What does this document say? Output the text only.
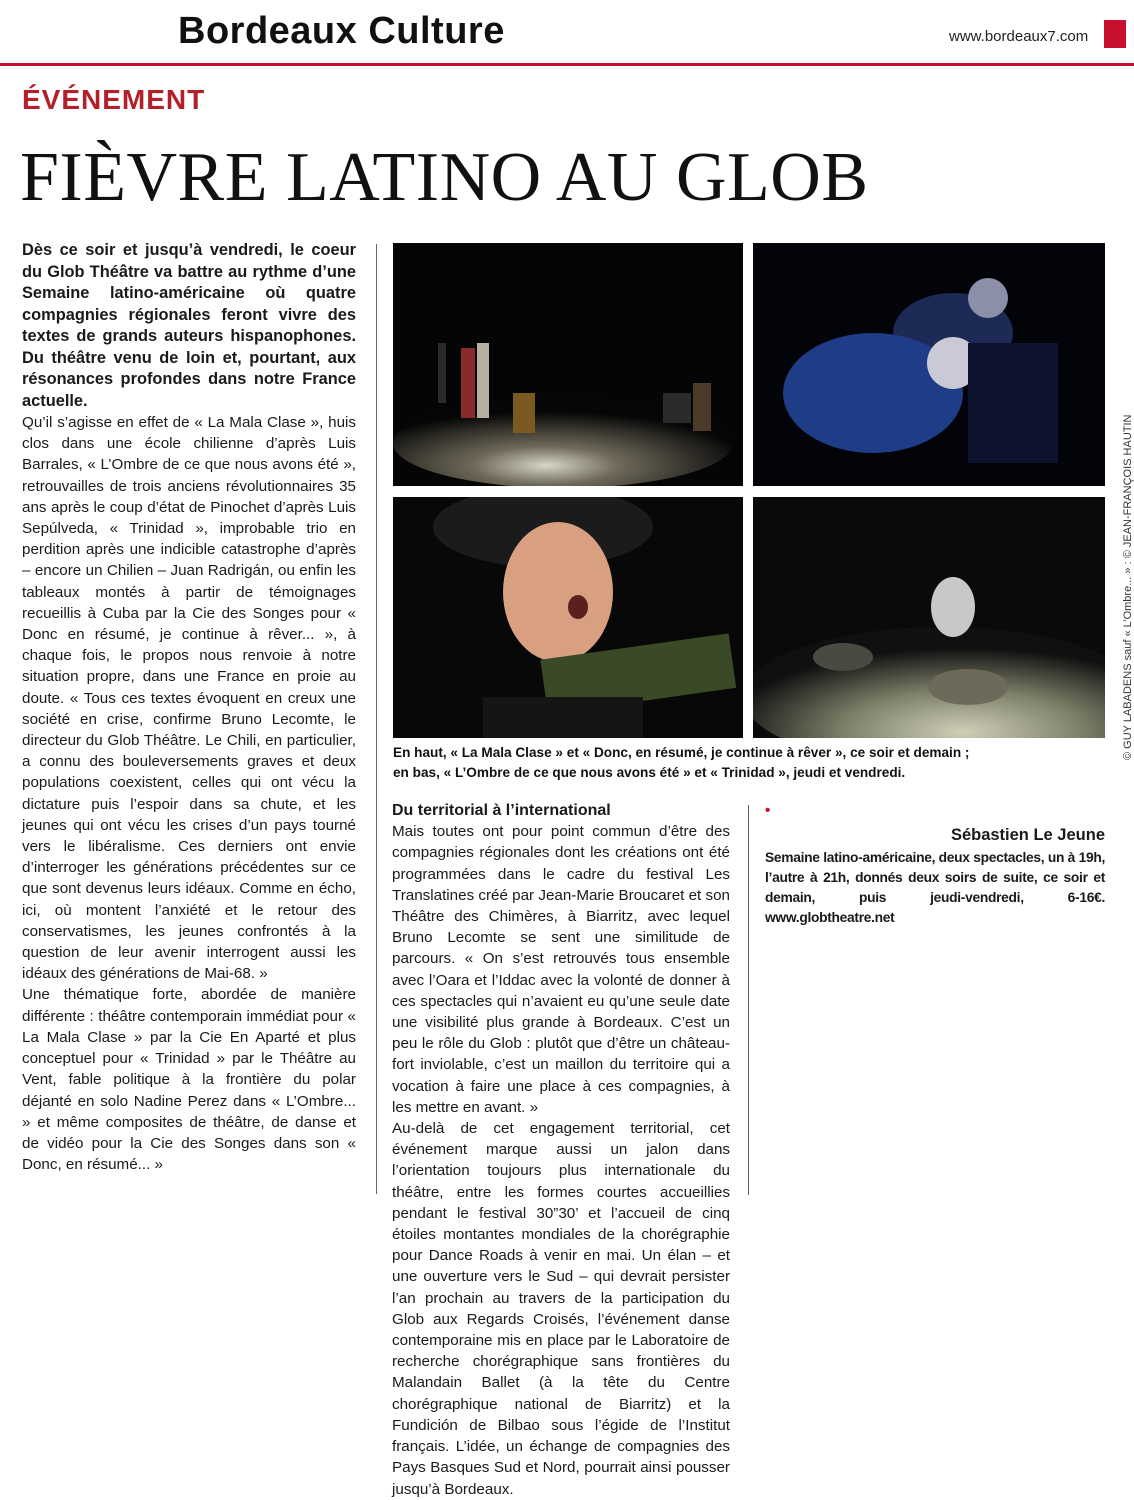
Bordeaux Culture	www.bordeaux7.com
ÉVÉNEMENT
FIÈVRE LATINO AU GLOB

Dès ce soir et jusqu’à vendredi, le coeur du Glob Théâtre va battre au rythme d’une Semaine latino-américaine où quatre compagnies régionales feront vivre des textes de grands auteurs hispanophones. Du théâtre venu de loin et, pourtant, aux résonances profondes dans notre France actuelle.

Qu’il s’agisse en effet de « La Mala Clase », huis clos dans une école chilienne d’après Luis Barrales, « L’Ombre de ce que nous avons été », retrouvailles de trois anciens révolutionnaires 35 ans après le coup d’état de Pinochet d’après Luis Sepúlveda, « Trinidad », improbable trio en perdition après une indicible catastrophe d’après – encore un Chilien – Juan Radrigán, ou enfin les tableaux montés à partir de témoignages recueillis à Cuba par la Cie des Songes pour « Donc en résumé, je continue à rêver... », à chaque fois, le propos nous renvoie à notre situation propre, dans une France en proie au doute. « Tous ces textes évoquent en creux une société en crise, confirme Bruno Lecomte, le directeur du Glob Théâtre. Le Chili, en particulier, a connu des bouleversements graves et deux populations coexistent, celles qui ont vécu la dictature puis l’espoir dans sa chute, et les jeunes qui ont vécu les crises d’un pays tourné vers le libéralisme. Ces derniers ont envie d’interroger les générations précédentes sur ce que sont devenus leurs idéaux. Comme en écho, ici, où montent l’anxiété et le retour des conservatismes, les jeunes confrontés à la question de leur avenir interrogent aussi les idéaux des générations de Mai-68. »

Une thématique forte, abordée de manière différente : théâtre contemporain immédiat pour « La Mala Clase » par la Cie En Aparté et plus conceptuel pour « Trinidad » par le Théâtre au Vent, fable politique à la frontière du polar déjanté en solo Nadine Perez dans « L’Ombre... » et même composites de théâtre, de danse et de vidéo pour la Cie des Songes dans son « Donc, en résumé... »

© GUY LABADENS sauf « L’Ombre... » : © JEAN-FRANÇOIS HAUTIN
En haut, « La Mala Clase » et « Donc, en résumé, je continue à rêver », ce soir et demain ;
en bas, « L’Ombre de ce que nous avons été » et « Trinidad », jeudi et vendredi.

Du territorial à l’international

Mais toutes ont pour point commun d’être des compagnies régionales dont les créations ont été programmées dans le cadre du festival Les Translatines créé par Jean-Marie Broucaret et son Théâtre des Chimères, à Biarritz, avec lequel Bruno Lecomte se sent une similitude de parcours. « On s’est retrouvés tous ensemble avec l’Oara et l’Iddac avec la volonté de donner à ces spectacles qui n’avaient eu qu’une seule date une visibilité plus grande à Bordeaux. C’est un peu le rôle du Glob : plutôt que d’être un château-fort inviolable, c’est un maillon du territoire qui a vocation à faire une place à ces compagnies, à les mettre en avant. »

Au-delà de cet engagement territorial, cet événement marque aussi un jalon dans l’orientation toujours plus internationale du théâtre, entre les formes courtes accueillies pendant le festival 30”30’ et l’accueil de cinq étoiles montantes mondiales de la chorégraphie pour Dance Roads à venir en mai. Un élan – et une ouverture vers le Sud – qui devrait persister l’an prochain au travers de la participation du Glob aux Regards Croisés, l’événement danse contemporaine mis en place par le Laboratoire de recherche chorégraphique sans frontières du Malandain Ballet (à la tête du Centre chorégraphique national de Biarritz) et la Fundición de Bilbao sous l’égide de l’Institut français. L’idée, un échange de compagnies des Pays Basques Sud et Nord, pourrait ainsi pousser jusqu’à Bordeaux.

•

Sébastien Le Jeune

Semaine latino-américaine, deux spectacles, un à 19h, l’autre à 21h, donnés deux soirs de suite, ce soir et demain, puis jeudi-vendredi, 6-16€. www.globtheatre.net
